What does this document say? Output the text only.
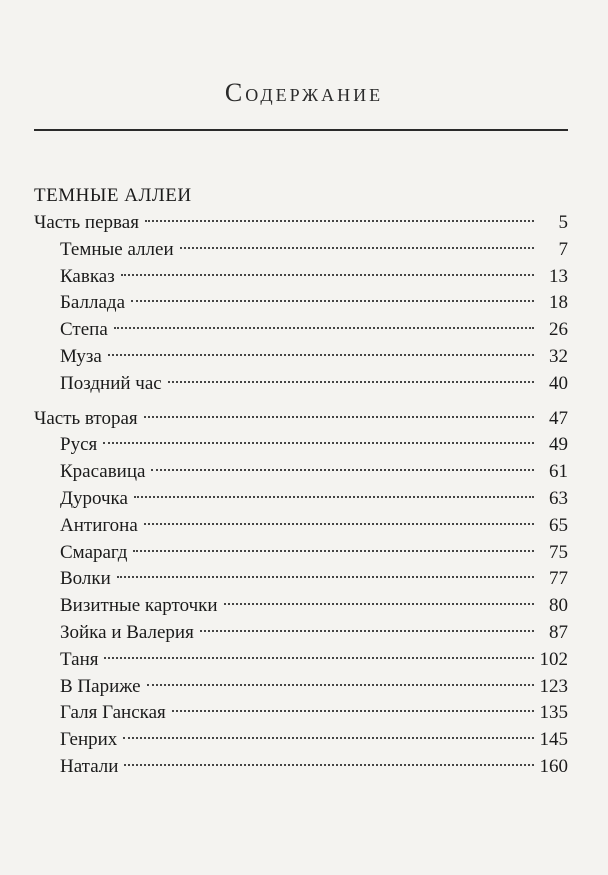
Содержание
ТЕМНЫЕ АЛЛЕИ
Часть первая	5
Темные аллеи	7
Кавказ	13
Баллада	18
Степа	26
Муза	32
Поздний час	40
Часть вторая	47
Руся	49
Красавица	61
Дурочка	63
Антигона	65
Смарагд	75
Волки	77
Визитные карточки	80
Зойка и Валерия	87
Таня	102
В Париже	123
Галя Ганская	135
Генрих	145
Натали	160
